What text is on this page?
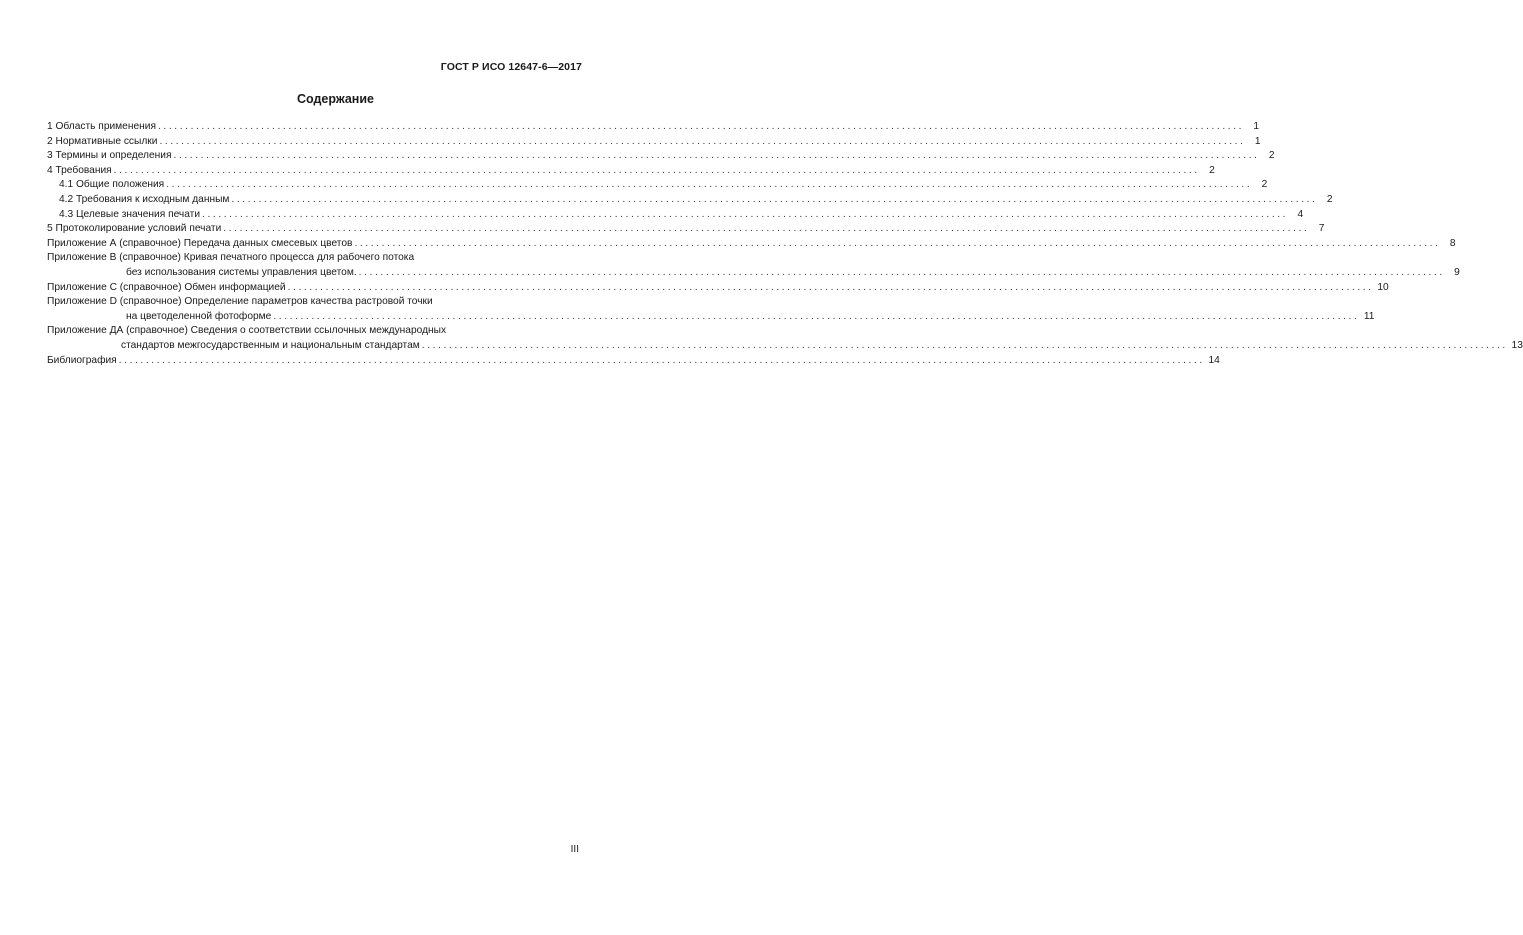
ГОСТ Р ИСО 12647-6—2017
Содержание
1 Область применения ........................................................................................................................................................................................................ 1
2 Нормативные ссылки ........................................................................................................................................................................................................ 1
3 Термины и определения ........................................................................................................................................................................................................ 2
4 Требования ........................................................................................................................................................................................................ 2
4.1 Общие положения ........................................................................................................................................................................................................ 2
4.2 Требования к исходным данным ........................................................................................................................................................................................................ 2
4.3 Целевые значения печати ........................................................................................................................................................................................................ 4
5 Протоколирование условий печати ........................................................................................................................................................................................................ 7
Приложение А (справочное) Передача данных смесевых цветов ........................................................................................................................................................................................................ 8
Приложение В (справочное) Кривая печатного процесса для рабочего потока
без использования системы управления цветом. ........................................................................................................................................................................................................ 9
Приложение С (справочное) Обмен информацией ........................................................................................................................................................................................................ 10
Приложение D (справочное) Определение параметров качества растровой точки
на цветоделенной фотоформе ........................................................................................................................................................................................................ 11
Приложение ДА (справочное) Сведения о соответствии ссылочных международных
стандартов межгосударственным и национальным стандартам ........................................................................................................................................................................................................ 13
Библиография ........................................................................................................................................................................................................ 14
III
